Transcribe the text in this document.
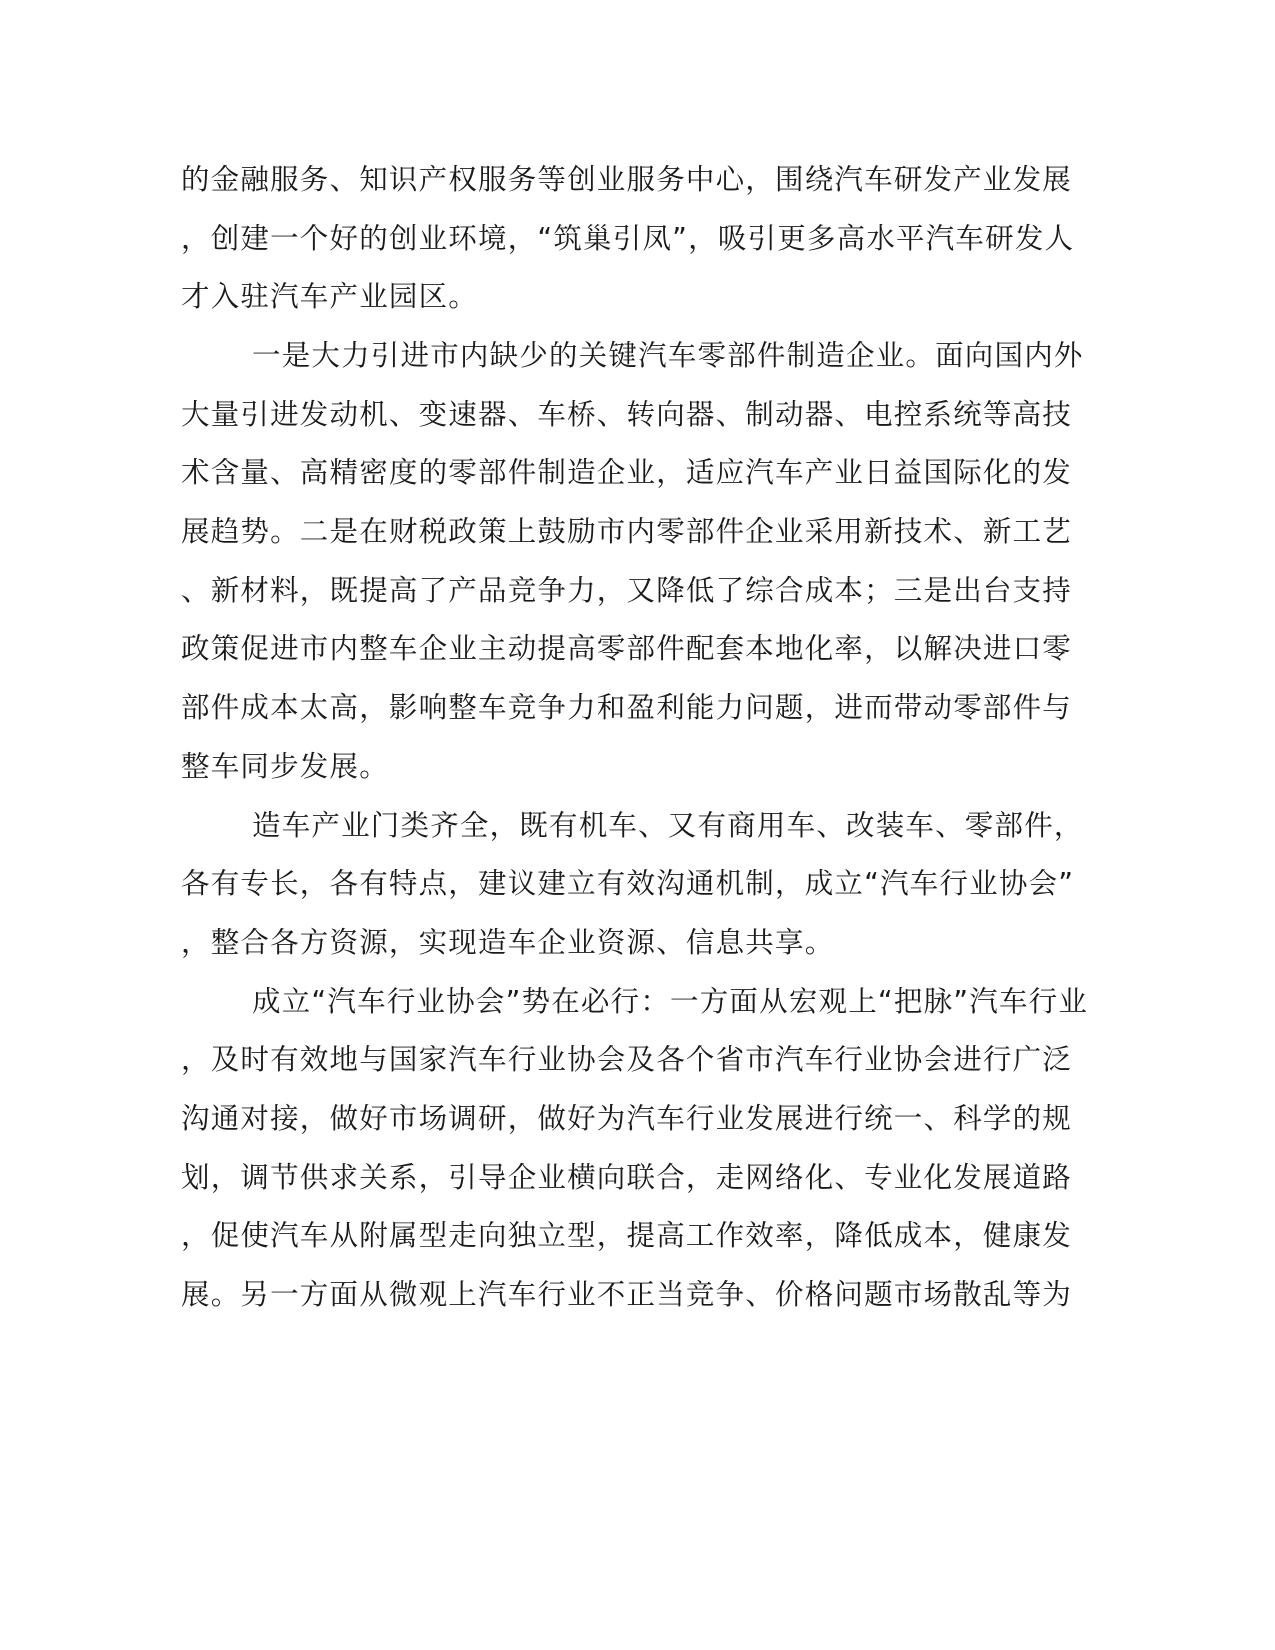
的金融服务、知识产权服务等创业服务中心，围绕汽车研发产业发展
，创建一个好的创业环境，“筑巢引凤”，吸引更多高水平汽车研发人
才入驻汽车产业园区。
一是大力引进市内缺少的关键汽车零部件制造企业。面向国内外
大量引进发动机、变速器、车桥、转向器、制动器、电控系统等高技
术含量、高精密度的零部件制造企业，适应汽车产业日益国际化的发
展趋势。二是在财税政策上鼓励市内零部件企业采用新技术、新工艺
、新材料，既提高了产品竞争力，又降低了综合成本；三是出台支持
政策促进市内整车企业主动提高零部件配套本地化率，以解决进口零
部件成本太高，影响整车竞争力和盈利能力问题，进而带动零部件与
整车同步发展。
造车产业门类齐全，既有机车、又有商用车、改装车、零部件，
各有专长，各有特点，建议建立有效沟通机制，成立“汽车行业协会”
，整合各方资源，实现造车企业资源、信息共享。
成立“汽车行业协会”势在必行：一方面从宏观上“把脉”汽车行业
，及时有效地与国家汽车行业协会及各个省市汽车行业协会进行广泛
沟通对接，做好市场调研，做好为汽车行业发展进行统一、科学的规
划，调节供求关系，引导企业横向联合，走网络化、专业化发展道路
，促使汽车从附属型走向独立型，提高工作效率，降低成本，健康发
展。另一方面从微观上汽车行业不正当竞争、价格问题市场散乱等为
